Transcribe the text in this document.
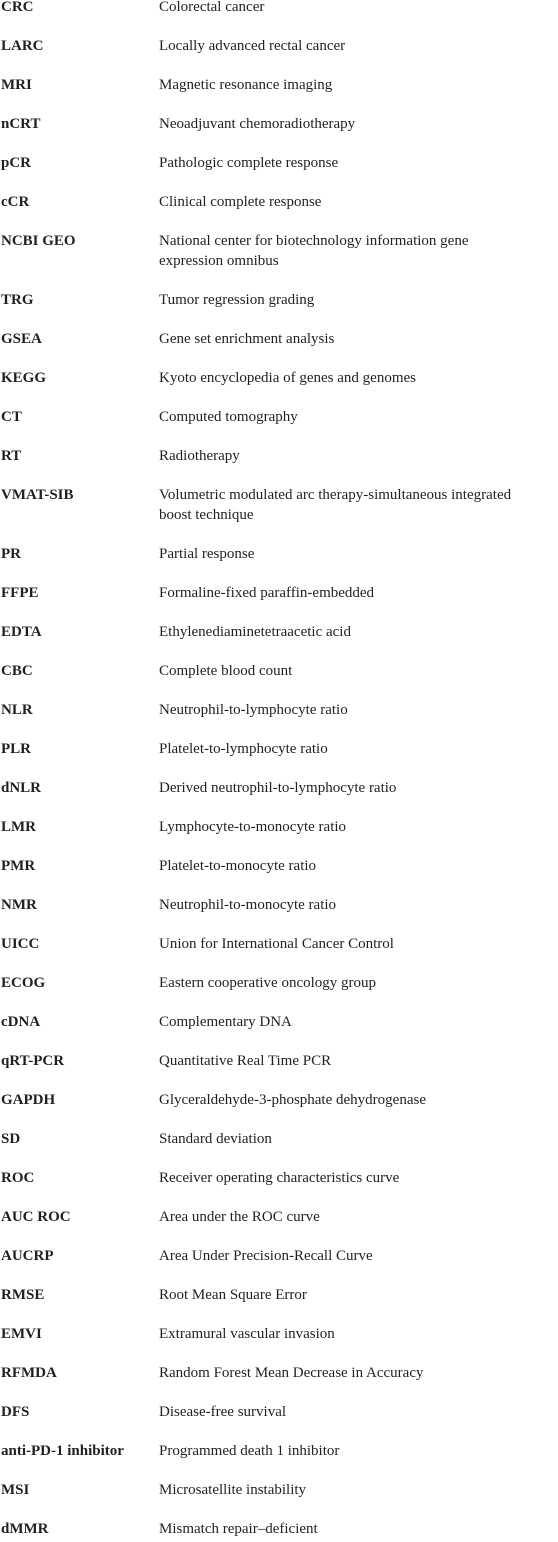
CRC	Colorectal cancer
LARC	Locally advanced rectal cancer
MRI	Magnetic resonance imaging
nCRT	Neoadjuvant chemoradiotherapy
pCR	Pathologic complete response
cCR	Clinical complete response
NCBI GEO	National center for biotechnology information gene
expression omnibus
TRG	Tumor regression grading
GSEA	Gene set enrichment analysis
KEGG	Kyoto encyclopedia of genes and genomes
CT	Computed tomography
RT	Radiotherapy
VMAT-SIB	Volumetric modulated arc therapy-simultaneous integrated
boost technique
PR	Partial response
FFPE	Formaline-fixed paraffin-embedded
EDTA	Ethylenediaminetetraacetic acid
CBC	Complete blood count
NLR	Neutrophil-to-lymphocyte ratio
PLR	Platelet-to-lymphocyte ratio
dNLR	Derived neutrophil-to-lymphocyte ratio
LMR	Lymphocyte-to-monocyte ratio
PMR	Platelet-to-monocyte ratio
NMR	Neutrophil-to-monocyte ratio
UICC	Union for International Cancer Control
ECOG	Eastern cooperative oncology group
cDNA	Complementary DNA
qRT-PCR	Quantitative Real Time PCR
GAPDH	Glyceraldehyde-3-phosphate dehydrogenase
SD	Standard deviation
ROC	Receiver operating characteristics curve
AUC ROC	Area under the ROC curve
AUCRP	Area Under Precision-Recall Curve
RMSE	Root Mean Square Error
EMVI	Extramural vascular invasion
RFMDA	Random Forest Mean Decrease in Accuracy
DFS	Disease-free survival
anti-PD-1 inhibitor	Programmed death 1 inhibitor
MSI	Microsatellite instability
dMMR	Mismatch repair–deficient
